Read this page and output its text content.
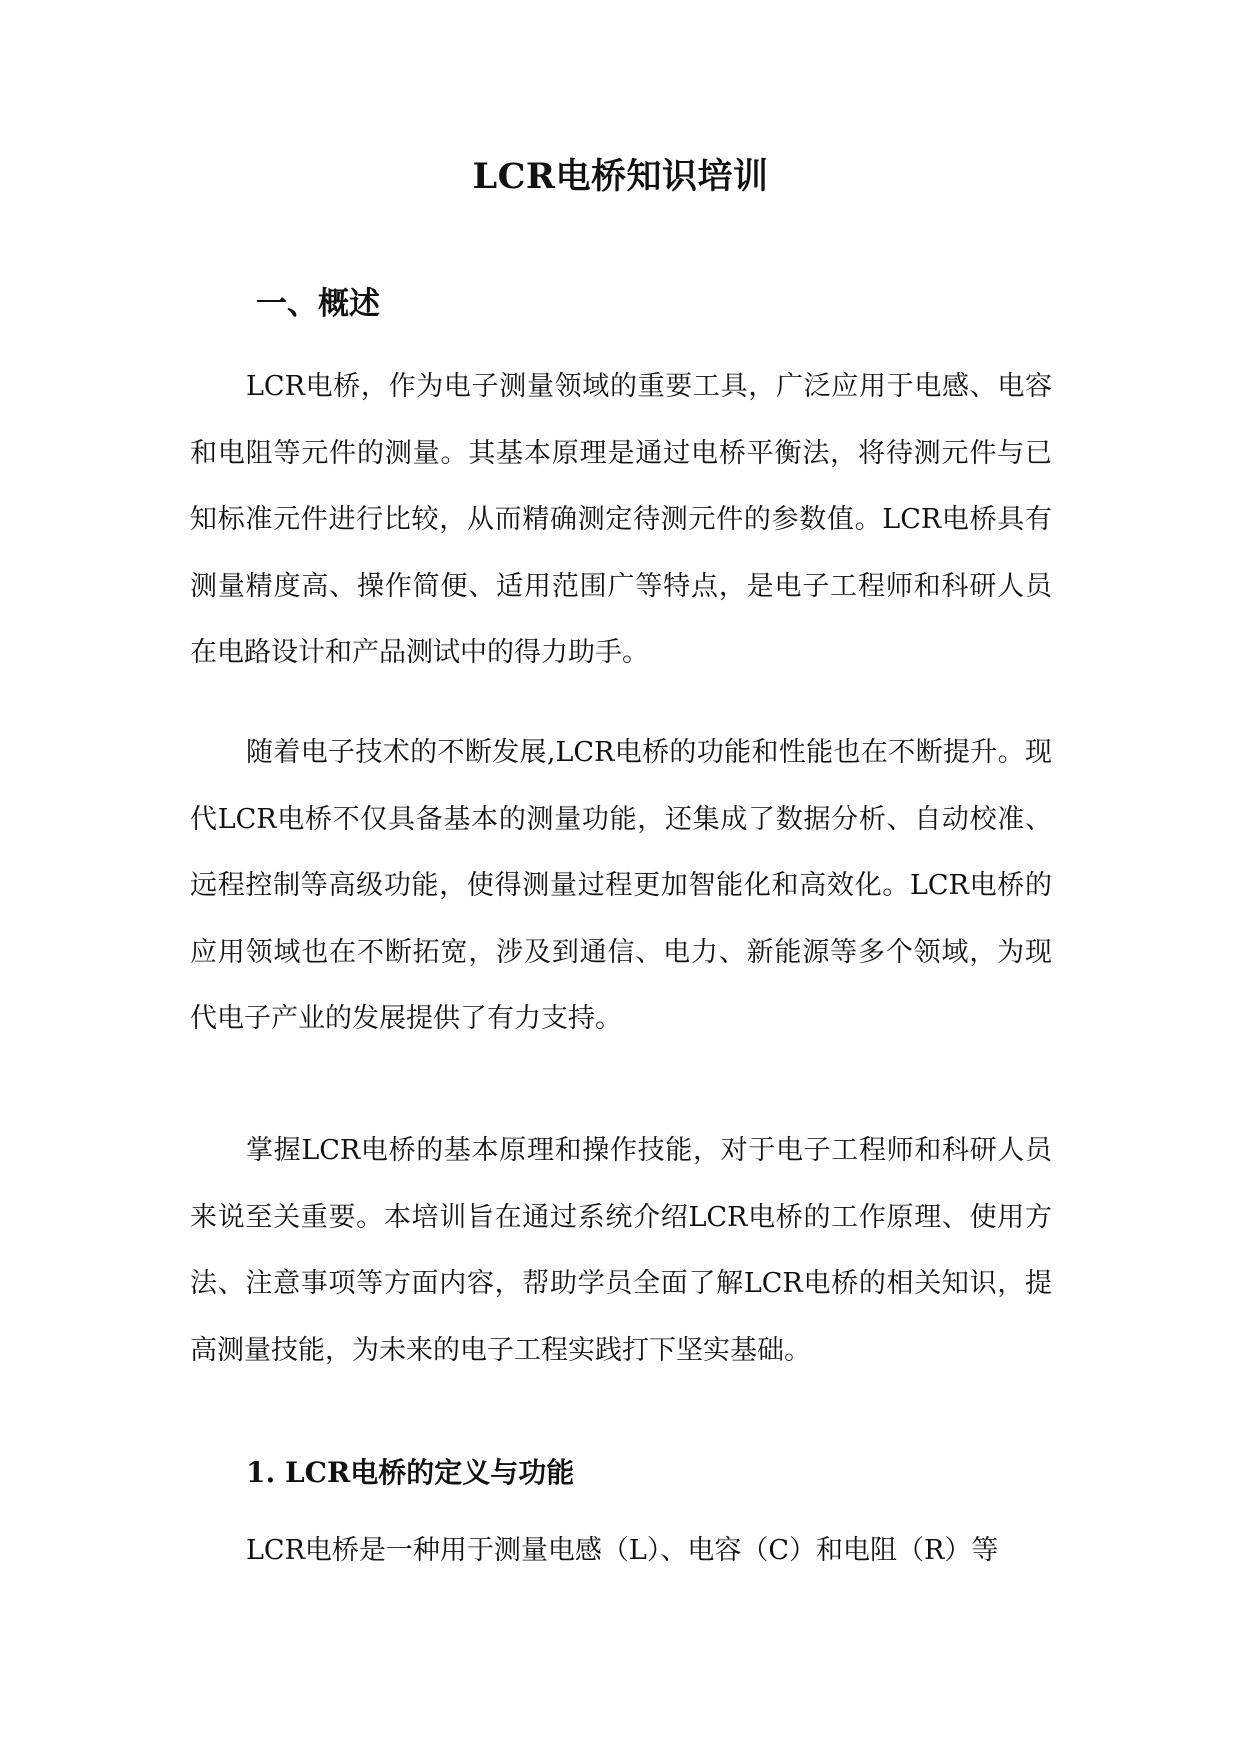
LCR电桥知识培训
一、概述

LCR电桥，作为电子测量领域的重要工具，广泛应用于电感、电容和电阻等元件的测量。其基本原理是通过电桥平衡法，将待测元件与已知标准元件进行比较，从而精确测定待测元件的参数值。LCR电桥具有测量精度高、操作简便、适用范围广等特点，是电子工程师和科研人员在电路设计和产品测试中的得力助手。

随着电子技术的不断发展,LCR电桥的功能和性能也在不断提升。现代LCR电桥不仅具备基本的测量功能，还集成了数据分析、自动校准、远程控制等高级功能，使得测量过程更加智能化和高效化。LCR电桥的应用领域也在不断拓宽，涉及到通信、电力、新能源等多个领域，为现代电子产业的发展提供了有力支持。

掌握LCR电桥的基本原理和操作技能，对于电子工程师和科研人员来说至关重要。本培训旨在通过系统介绍LCR电桥的工作原理、使用方法、注意事项等方面内容，帮助学员全面了解LCR电桥的相关知识，提高测量技能，为未来的电子工程实践打下坚实基础。

1. LCR电桥的定义与功能

LCR电桥是一种用于测量电感（L）、电容（C）和电阻（R）等
